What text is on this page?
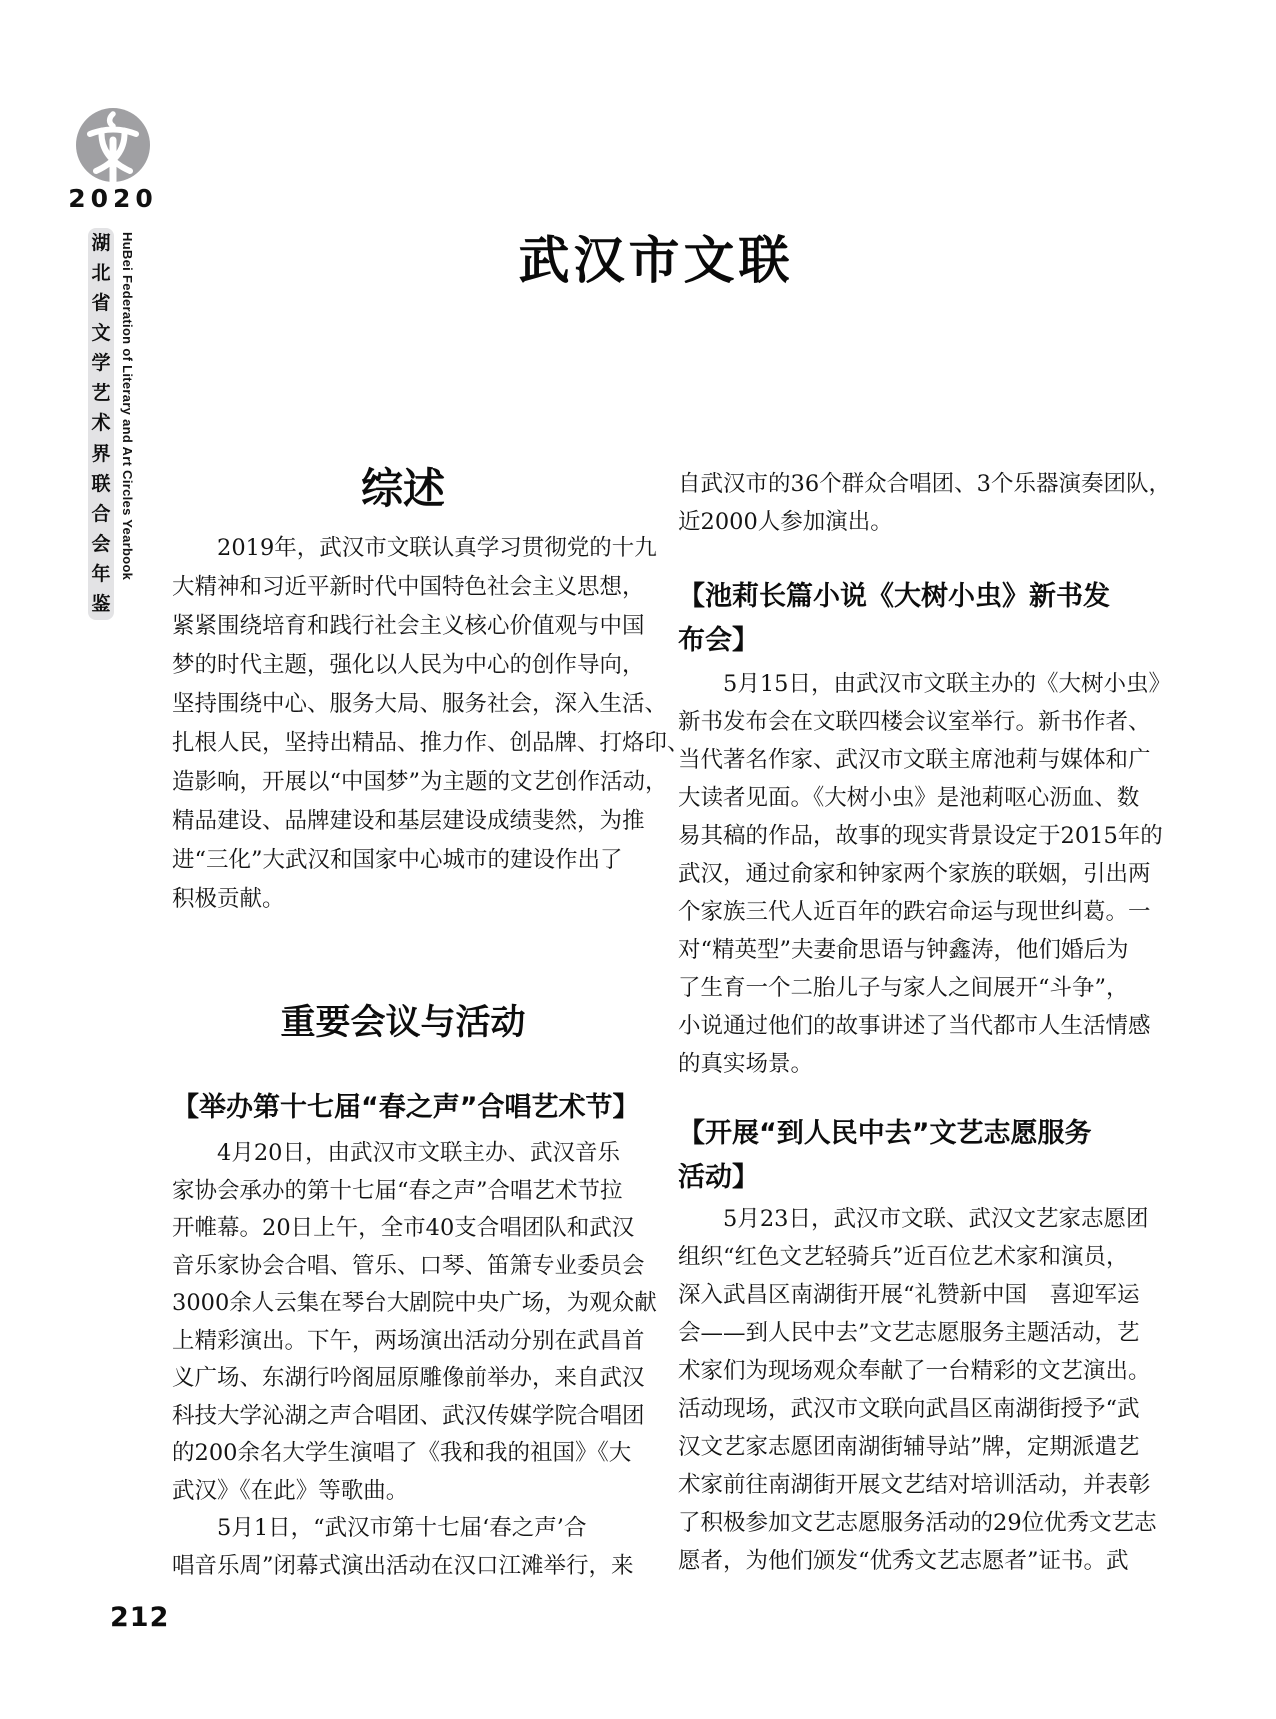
2020
湖
北
省
文
学
艺
术
界
联
合
会
年
鉴
HuBei Federation of Literary and Art Circles Yearbook	武汉市文联
综述
　　2019年，武汉市文联认真学习贯彻党的十九
大精神和习近平新时代中国特色社会主义思想，
紧紧围绕培育和践行社会主义核心价值观与中国
梦的时代主题，强化以人民为中心的创作导向，
坚持围绕中心、服务大局、服务社会，深入生活、
扎根人民，坚持出精品、推力作、创品牌、打烙印、
造影响，开展以“中国梦”为主题的文艺创作活动，
精品建设、品牌建设和基层建设成绩斐然，为推
进“三化”大武汉和国家中心城市的建设作出了
积极贡献。
重要会议与活动
【举办第十七届“春之声”合唱艺术节】
　　4月20日，由武汉市文联主办、武汉音乐
家协会承办的第十七届“春之声”合唱艺术节拉
开帷幕。20日上午，全市40支合唱团队和武汉
音乐家协会合唱、管乐、口琴、笛箫专业委员会
3000余人云集在琴台大剧院中央广场，为观众献
上精彩演出。下午，两场演出活动分别在武昌首
义广场、东湖行吟阁屈原雕像前举办，来自武汉
科技大学沁湖之声合唱团、武汉传媒学院合唱团
的200余名大学生演唱了《我和我的祖国》《大
武汉》《在此》等歌曲。
　　5月1日，“武汉市第十七届‘春之声’合
唱音乐周”闭幕式演出活动在汉口江滩举行，来
自武汉市的36个群众合唱团、3个乐器演奏团队，
近2000人参加演出。
【池莉长篇小说《大树小虫》新书发
布会】
　　5月15日，由武汉市文联主办的《大树小虫》
新书发布会在文联四楼会议室举行。新书作者、
当代著名作家、武汉市文联主席池莉与媒体和广
大读者见面。《大树小虫》是池莉呕心沥血、数
易其稿的作品，故事的现实背景设定于2015年的
武汉，通过俞家和钟家两个家族的联姻，引出两
个家族三代人近百年的跌宕命运与现世纠葛。一
对“精英型”夫妻俞思语与钟鑫涛，他们婚后为
了生育一个二胎儿子与家人之间展开“斗争”，
小说通过他们的故事讲述了当代都市人生活情感
的真实场景。
【开展“到人民中去”文艺志愿服务
活动】
　　5月23日，武汉市文联、武汉文艺家志愿团
组织“红色文艺轻骑兵”近百位艺术家和演员，
深入武昌区南湖街开展“礼赞新中国　喜迎军运
会——到人民中去”文艺志愿服务主题活动，艺
术家们为现场观众奉献了一台精彩的文艺演出。
活动现场，武汉市文联向武昌区南湖街授予“武
汉文艺家志愿团南湖街辅导站”牌，定期派遣艺
术家前往南湖街开展文艺结对培训活动，并表彰
了积极参加文艺志愿服务活动的29位优秀文艺志
愿者，为他们颁发“优秀文艺志愿者”证书。武
212
